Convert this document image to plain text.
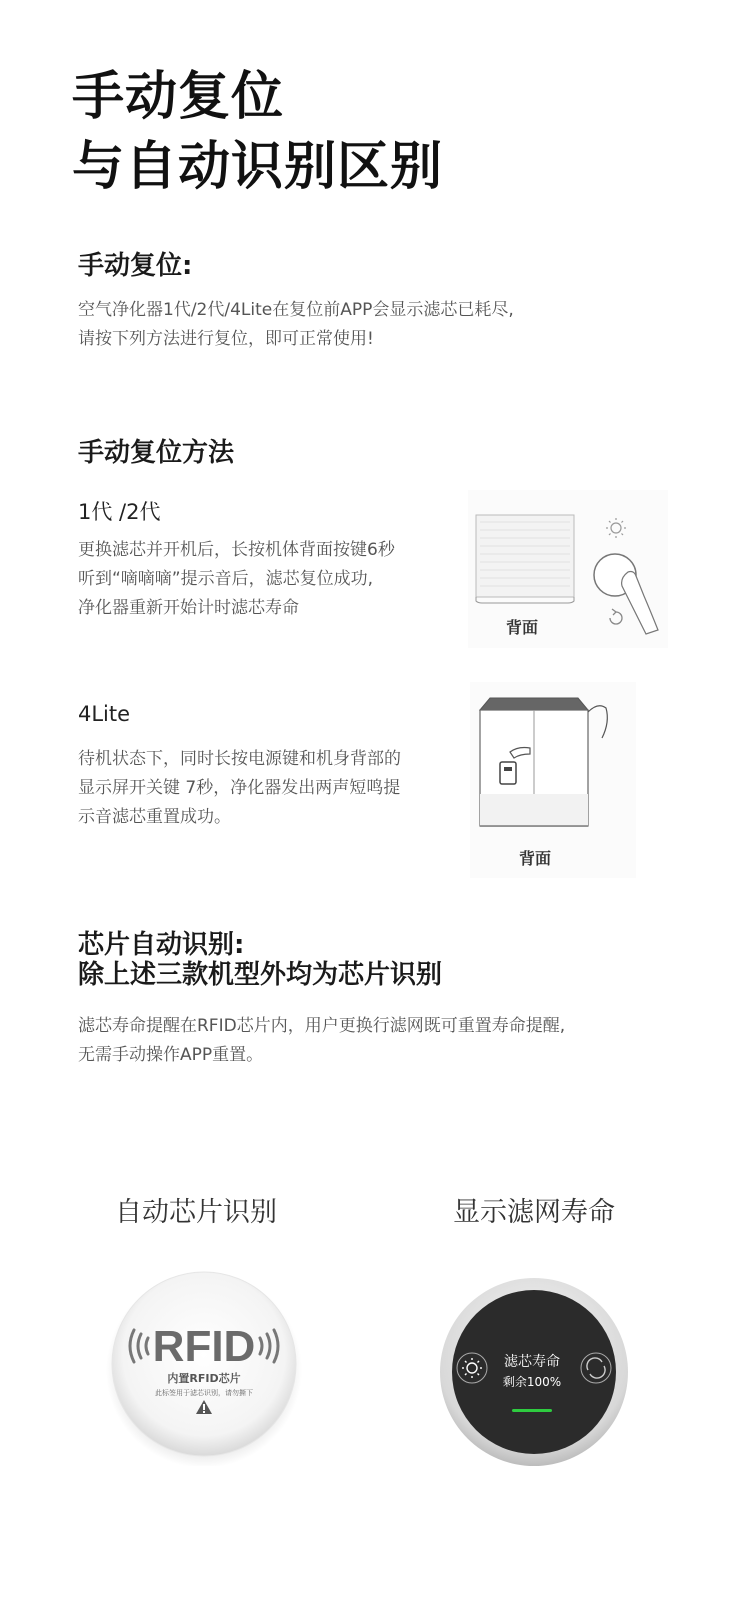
手动复位
与自动识别区别
手动复位:

空气净化器1代/2代/4Lite在复位前APP会显示滤芯已耗尽,
请按下列方法进行复位，即可正常使用!

手动复位方法
1代 /2代

更换滤芯并开机后，长按机体背面按键6秒
听到“嘀嘀嘀”提示音后，滤芯复位成功,
净化器重新开始计时滤芯寿命

背面
4Lite

待机状态下，同时长按电源键和机身背部的
显示屏开关键 7秒，净化器发出两声短鸣提
示音滤芯重置成功。

背面
芯片自动识别:
除上述三款机型外均为芯片识别

滤芯寿命提醒在RFID芯片内，用户更换行滤网既可重置寿命提醒,
无需手动操作APP重置。

自动芯片识别	显示滤网寿命
RFID
内置RFID芯片
此标签用于滤芯识别，请勿撕下
滤芯寿命
剩余100%
